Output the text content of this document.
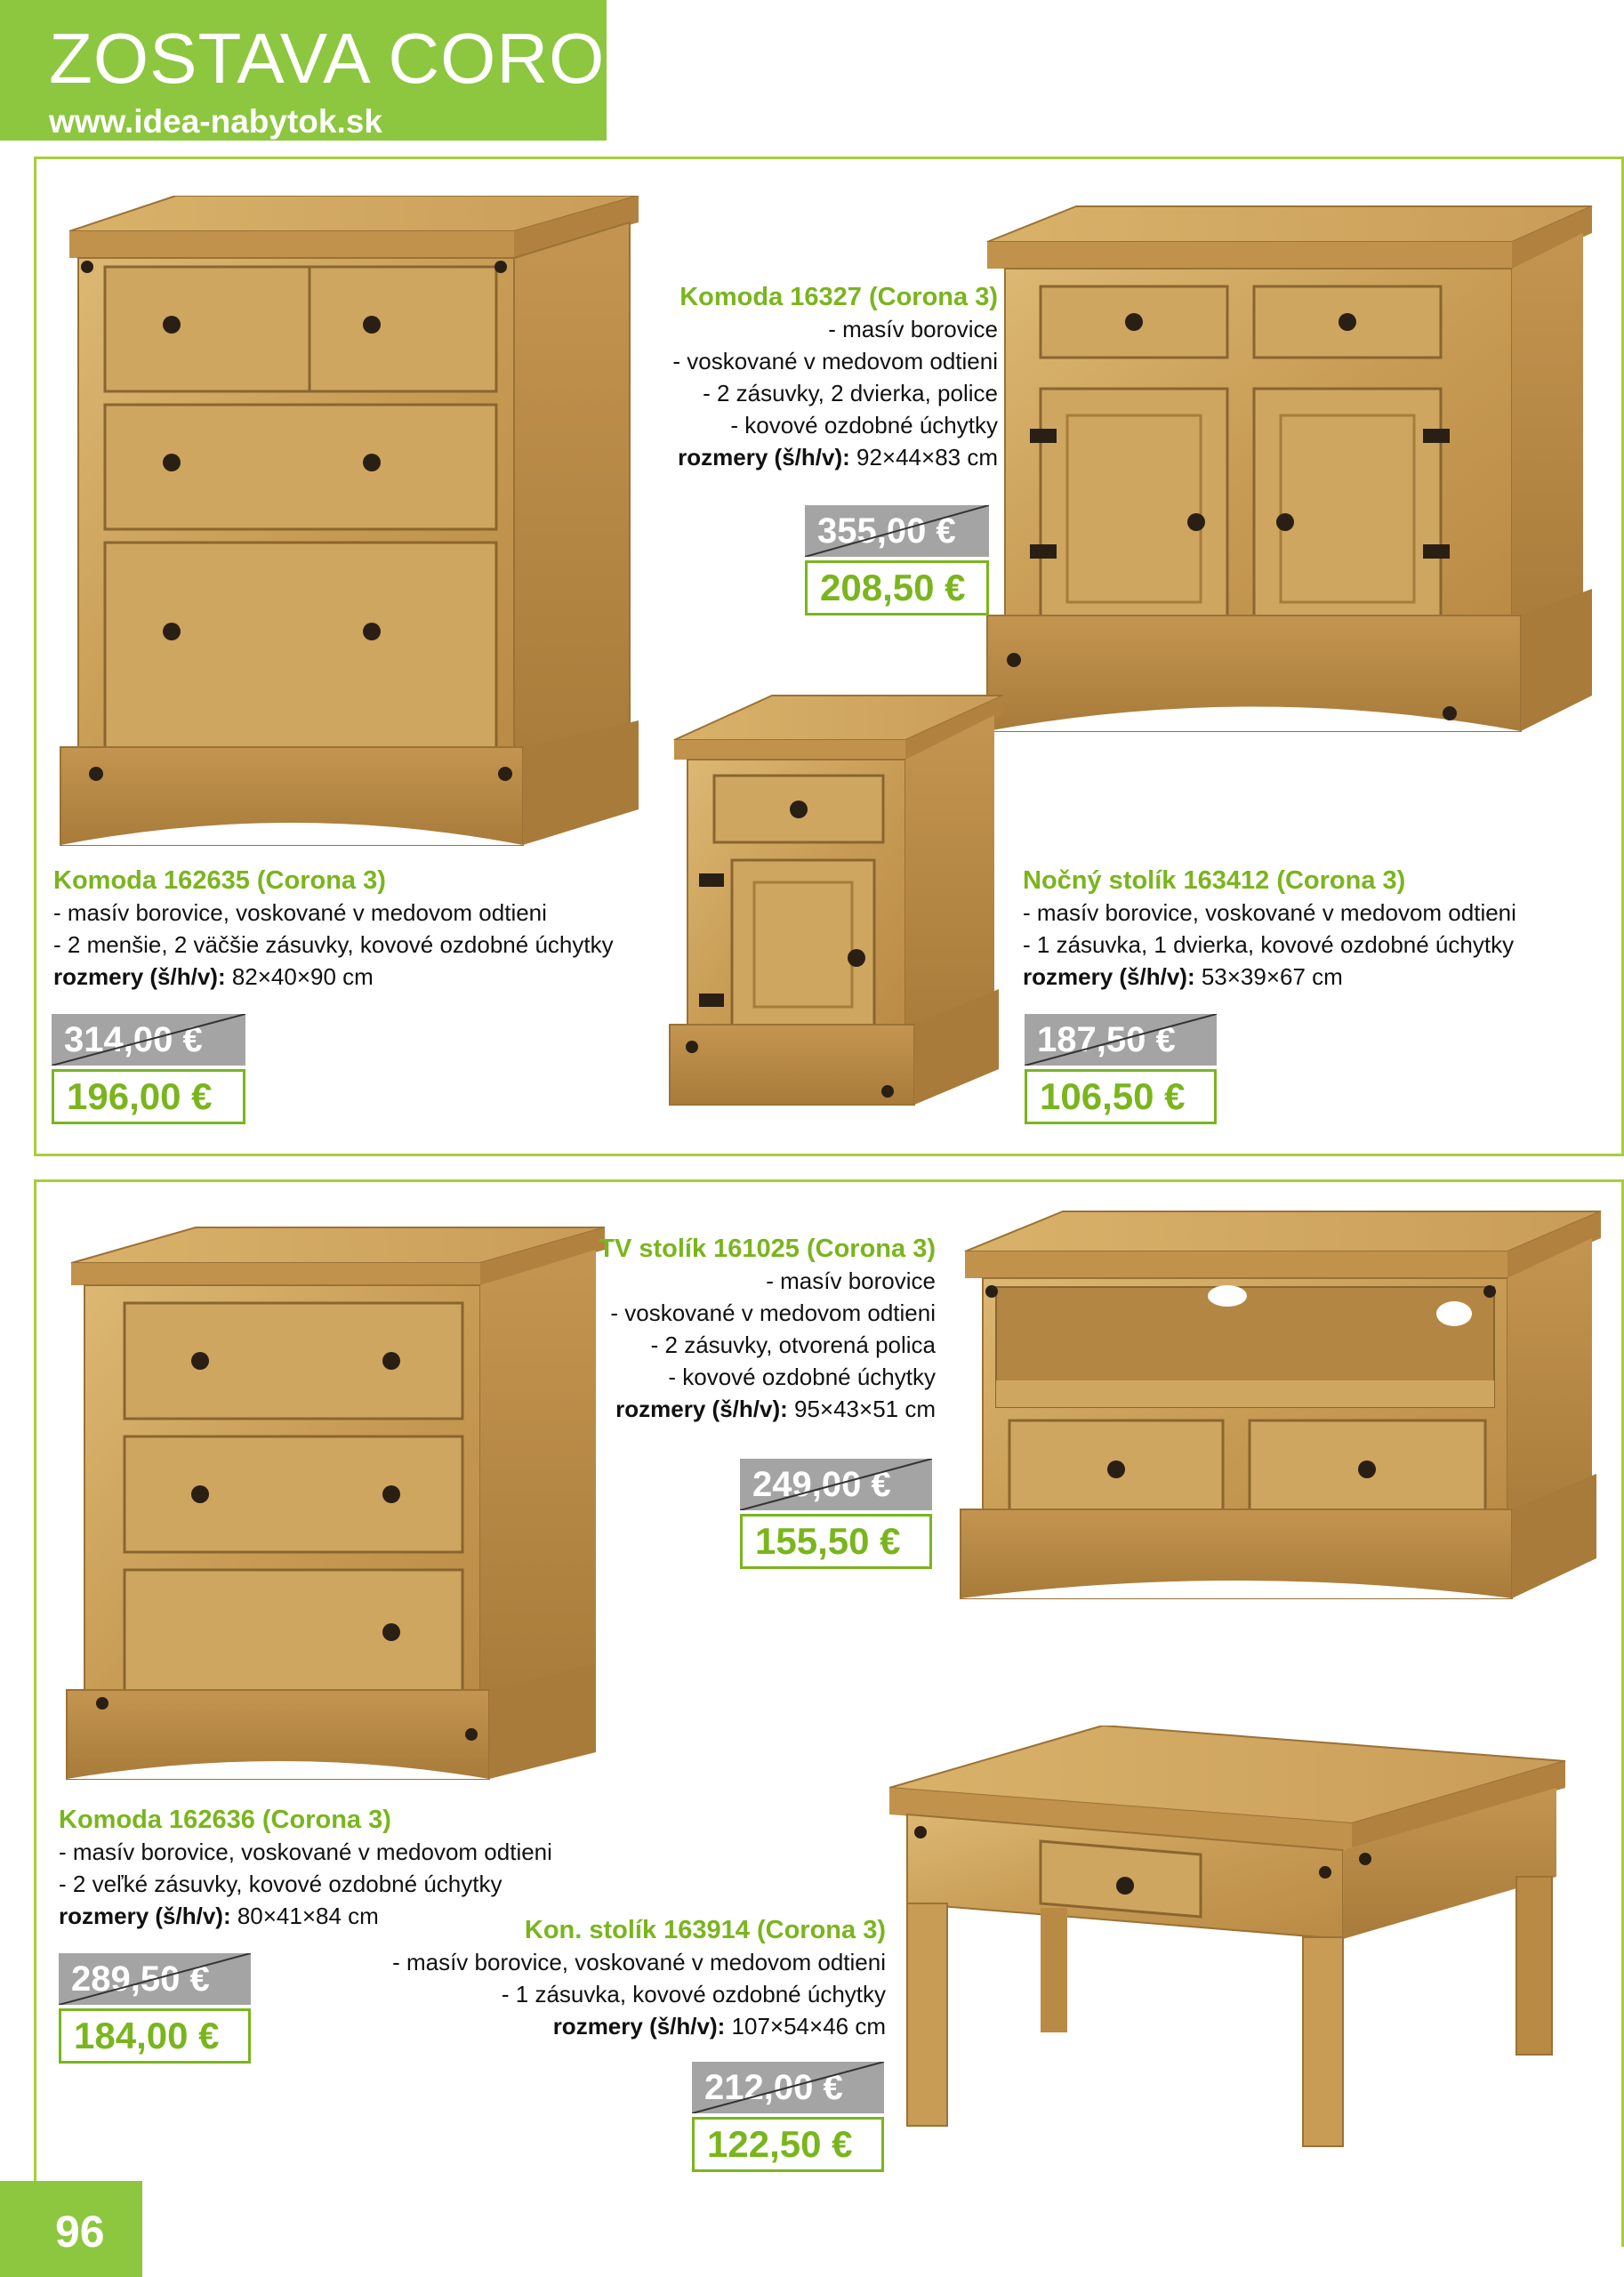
ZOSTAVA CORONA
www.idea-nabytok.sk
Komoda 16327 (Corona 3)
- masív borovice
- voskované v medovom odtieni
- 2 zásuvky, 2 dvierka, police
- kovové ozdobné úchytky
rozmery (š/h/v): 92×44×83 cm
355,00 €
208,50 €
Komoda 162635 (Corona 3)
- masív borovice, voskované v medovom odtieni
- 2 menšie, 2 väčšie zásuvky, kovové ozdobné úchytky
rozmery (š/h/v): 82×40×90 cm
314,00 €
196,00 €
Nočný stolík 163412 (Corona 3)
- masív borovice, voskované v medovom odtieni
- 1 zásuvka, 1 dvierka, kovové ozdobné úchytky
rozmery (š/h/v): 53×39×67 cm
187,50 €
106,50 €
TV stolík 161025 (Corona 3)
- masív borovice
- voskované v medovom odtieni
- 2 zásuvky, otvorená polica
- kovové ozdobné úchytky
rozmery (š/h/v): 95×43×51 cm
249,00 €
155,50 €
Komoda 162636 (Corona 3)
- masív borovice, voskované v medovom odtieni
- 2 veľké zásuvky, kovové ozdobné úchytky
rozmery (š/h/v): 80×41×84 cm
289,50 €
184,00 €
Kon. stolík 163914 (Corona 3)
- masív borovice, voskované v medovom odtieni
- 1 zásuvka, kovové ozdobné úchytky
rozmery (š/h/v): 107×54×46 cm
212,00 €
122,50 €
96
